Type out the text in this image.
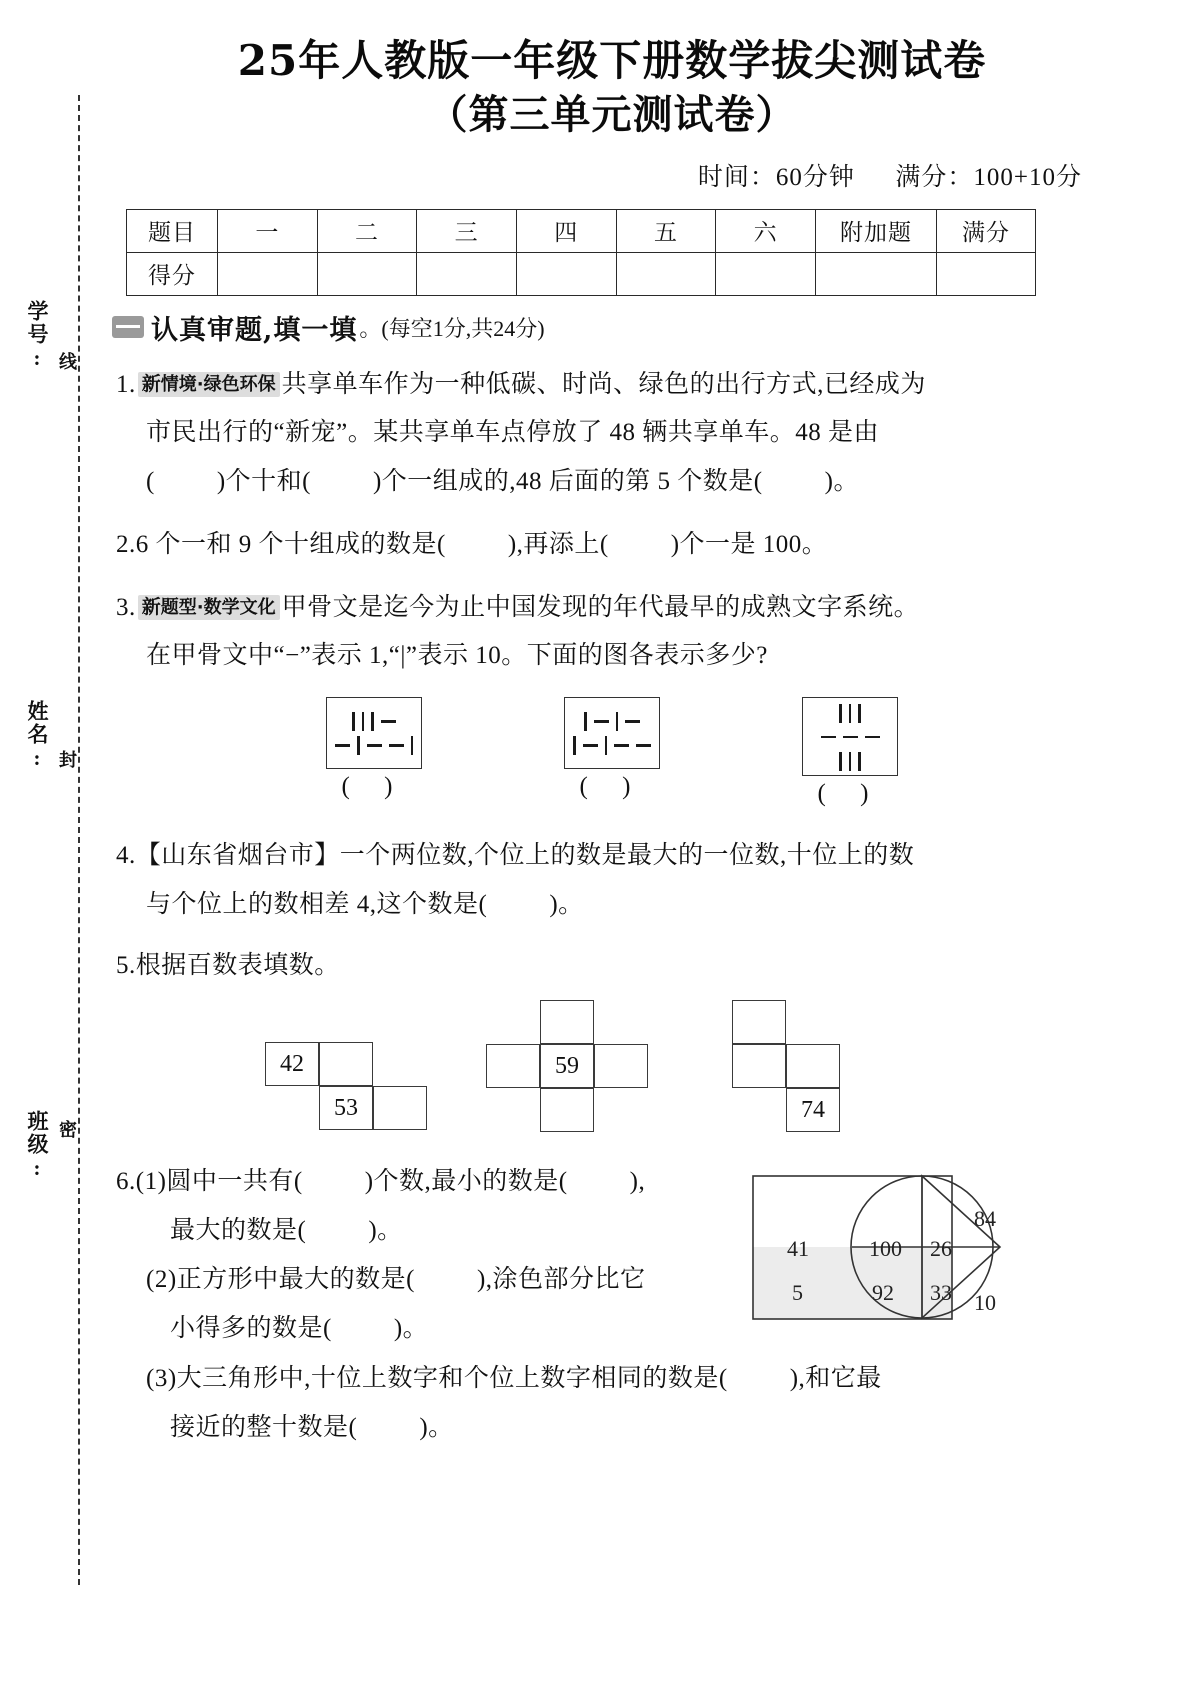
学号: 线
姓名: 封
班级: 密
25年人教版一年级下册数学拔尖测试卷
（第三单元测试卷）
时间：60分钟 满分：100+10分
题目	一	二	三	四	五	六	附加题	满分
得分								
认真审题,填一填 。(每空1分,共24分)
1. 新情境·绿色环保 共享单车作为一种低碳、时尚、绿色的出行方式,已经成为
市民出行的“新宠”。某共享单车点停放了 48 辆共享单车。48 是由
( )个十和( )个一组成的,48 后面的第 5 个数是( )。
2.6 个一和 9 个十组成的数是( ),再添上( )个一是 100。
3. 新题型·数学文化 甲骨文是迄今为止中国发现的年代最早的成熟文字系统。
在甲骨文中“−”表示 1,“|”表示 10。下面的图各表示多少?
( )	( )	( )
4.【山东省烟台市】一个两位数,个位上的数是最大的一位数,十位上的数
与个位上的数相差 4,这个数是( )。
5.根据百数表填数。
42
53
59
74
6.(1)圆中一共有( )个数,最小的数是( ),
最大的数是( )。
(2)正方形中最大的数是( ),涂色部分比它
小得多的数是( )。
(3)大三角形中,十位上数字和个位上数字相同的数是( ),和它最
接近的整十数是( )。
41
5
100
92
26
33
84
10
